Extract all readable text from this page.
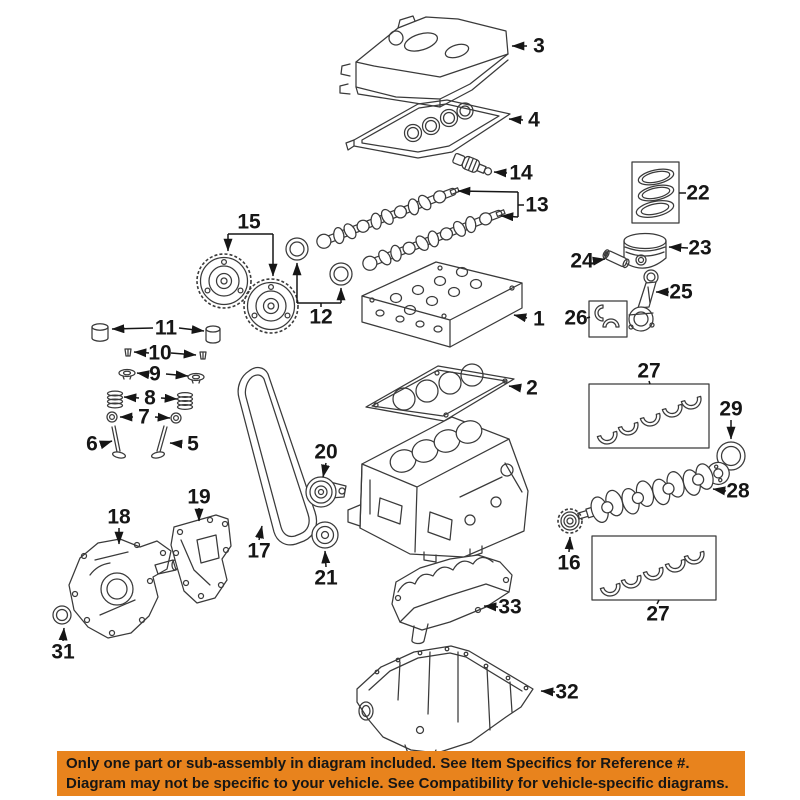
1
2
3
4
5
6
7
8
9
10
11	12
13
14
15
16
17
18
19
20
21
22
23
24
25
26
27
27
28
29
31
32
33
Only one part or sub-assembly in diagram included. See Item Specifics for Reference #.
Diagram may not be specific to your vehicle. See Compatibility for vehicle-specific diagrams.
